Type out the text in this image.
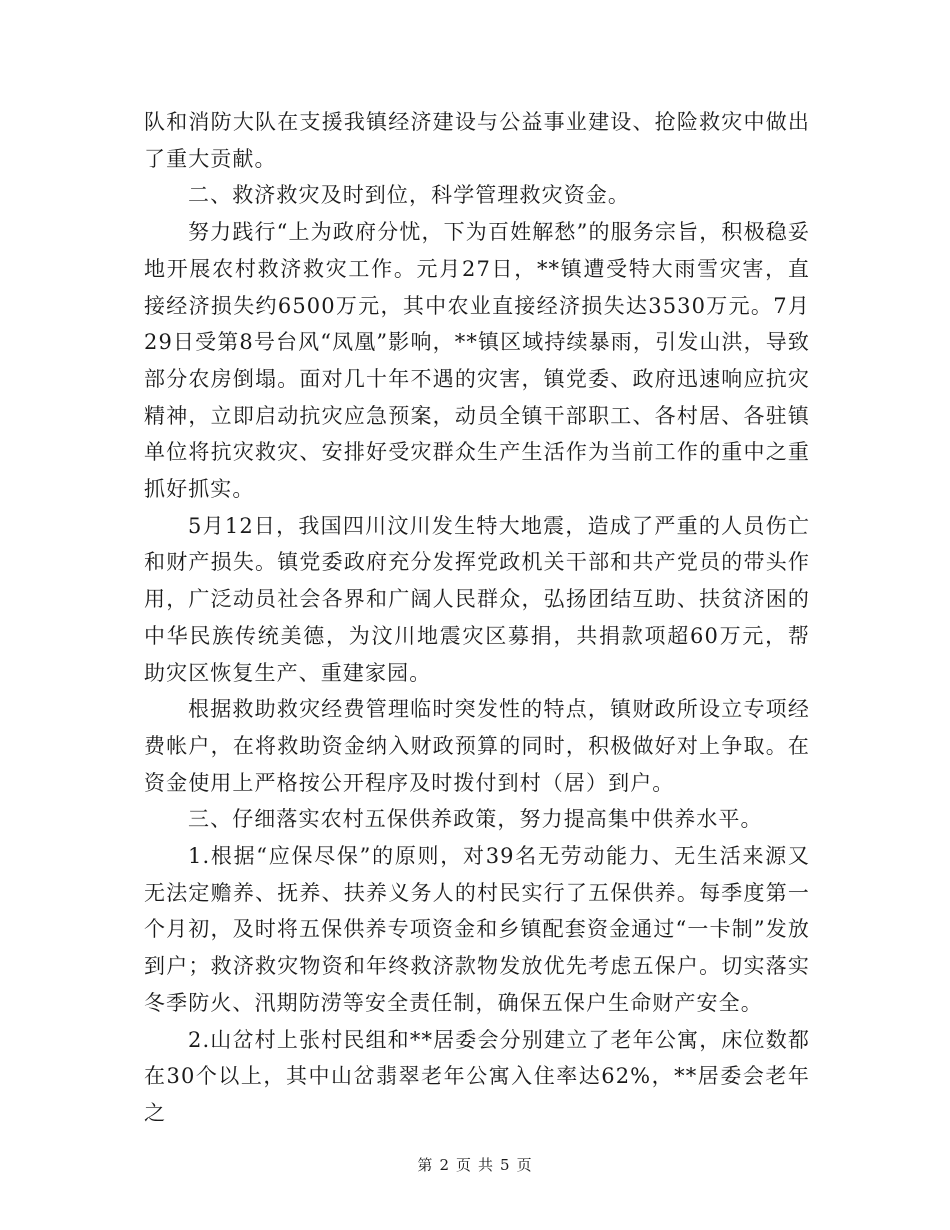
队和消防大队在支援我镇经济建设与公益事业建设、抢险救灾中做出了重大贡献。

二、救济救灾及时到位，科学管理救灾资金。

努力践行“上为政府分忧，下为百姓解愁”的服务宗旨，积极稳妥地开展农村救济救灾工作。元月27日，**镇遭受特大雨雪灾害，直接经济损失约6500万元，其中农业直接经济损失达3530万元。7月29日受第8号台风“凤凰”影响，**镇区域持续暴雨，引发山洪，导致部分农房倒塌。面对几十年不遇的灾害，镇党委、政府迅速响应抗灾精神，立即启动抗灾应急预案，动员全镇干部职工、各村居、各驻镇单位将抗灾救灾、安排好受灾群众生产生活作为当前工作的重中之重抓好抓实。

5月12日，我国四川汶川发生特大地震，造成了严重的人员伤亡和财产损失。镇党委政府充分发挥党政机关干部和共产党员的带头作用，广泛动员社会各界和广阔人民群众，弘扬团结互助、扶贫济困的中华民族传统美德，为汶川地震灾区募捐，共捐款项超60万元，帮助灾区恢复生产、重建家园。

根据救助救灾经费管理临时突发性的特点，镇财政所设立专项经费帐户，在将救助资金纳入财政预算的同时，积极做好对上争取。在资金使用上严格按公开程序及时拨付到村（居）到户。

三、仔细落实农村五保供养政策，努力提高集中供养水平。

1.根据“应保尽保”的原则，对39名无劳动能力、无生活来源又无法定赡养、抚养、扶养义务人的村民实行了五保供养。每季度第一个月初，及时将五保供养专项资金和乡镇配套资金通过“一卡制”发放到户；救济救灾物资和年终救济款物发放优先考虑五保户。切实落实冬季防火、汛期防涝等安全责任制，确保五保户生命财产安全。

2.山岔村上张村民组和**居委会分别建立了老年公寓，床位数都在30个以上，其中山岔翡翠老年公寓入住率达62%，**居委会老年之

第 2 页 共 5 页
